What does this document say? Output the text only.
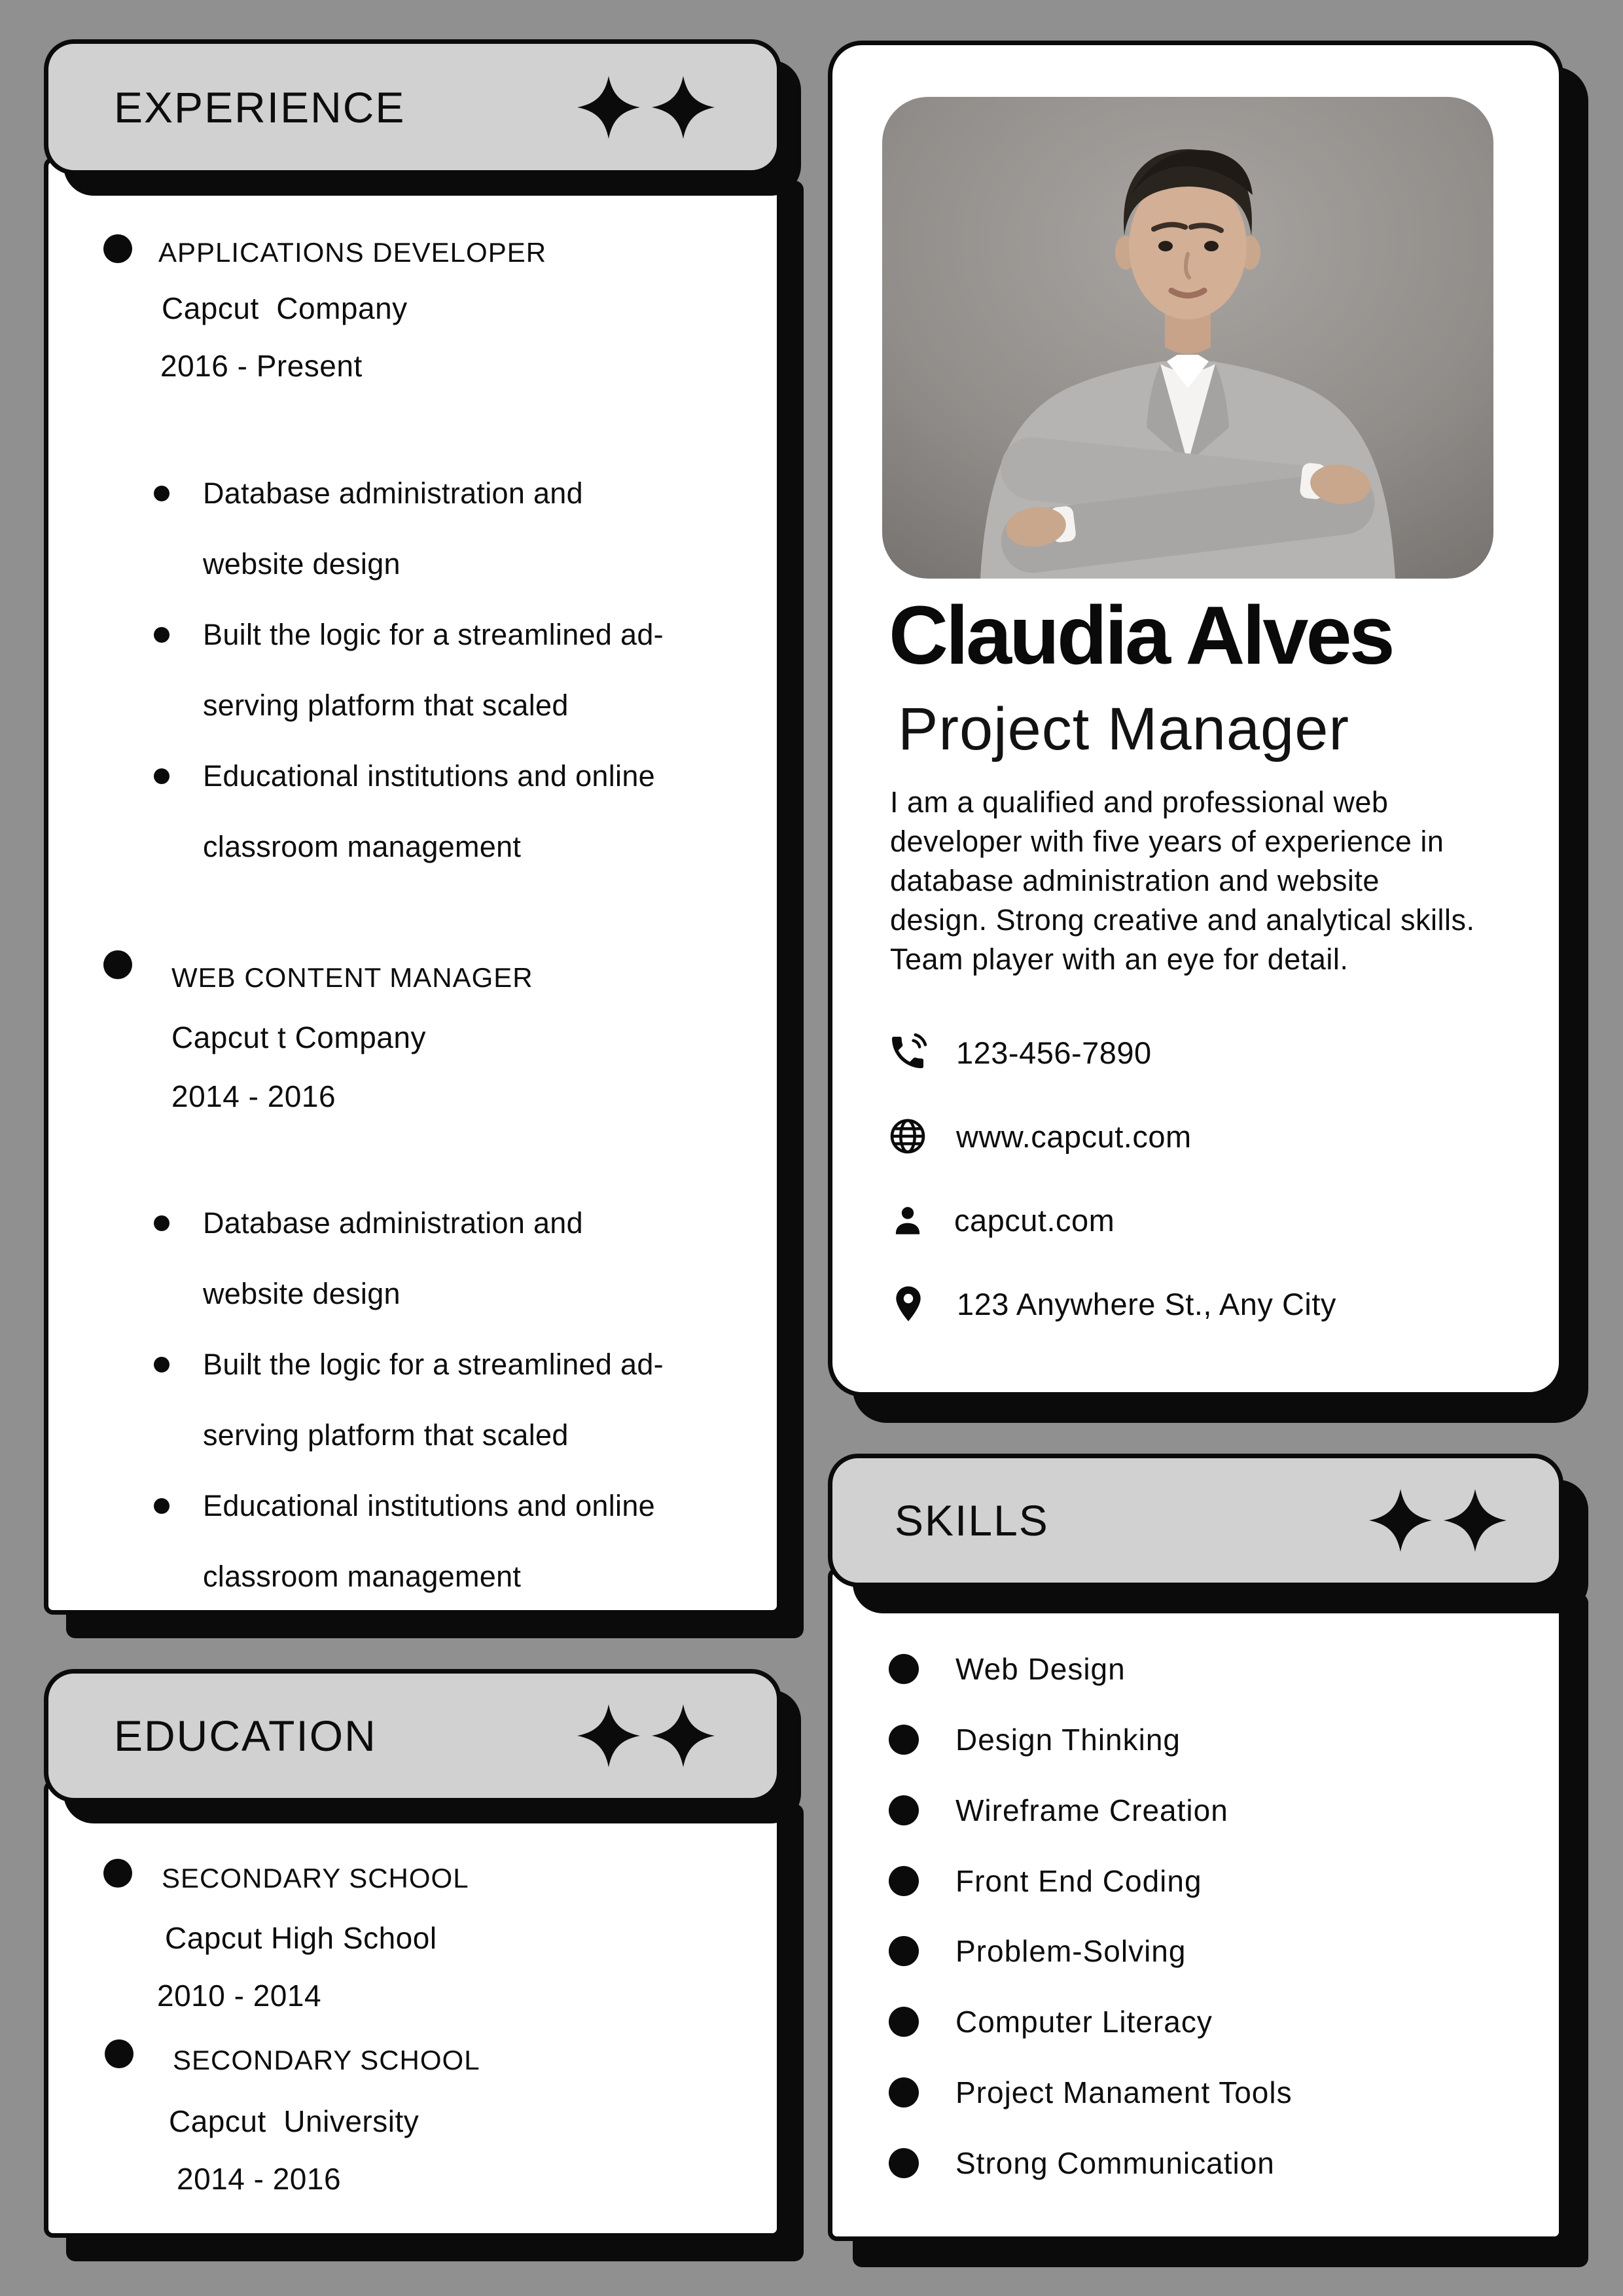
EXPERIENCE
APPLICATIONS DEVELOPER
Capcut  Company
2016 - Present
Database administration and
website design
Built the logic for a streamlined ad-
serving platform that scaled
Educational institutions and online
classroom management
WEB CONTENT MANAGER
Capcut t Company
2014 - 2016
Database administration and
website design
Built the logic for a streamlined ad-
serving platform that scaled
Educational institutions and online
classroom management
EDUCATION
SECONDARY SCHOOL
Capcut High School
2010 - 2014
SECONDARY SCHOOL
Capcut  University
2014 - 2016
Claudia Alves
Project Manager
I am a qualified and professional web
developer with five years of experience in
database administration and website
design. Strong creative and analytical skills.
Team player with an eye for detail.
123-456-7890
www.capcut.com
capcut.com
123 Anywhere St., Any City
SKILLS
Web Design
Design Thinking
Wireframe Creation
Front End Coding
Problem-Solving
Computer Literacy
Project Manament Tools
Strong Communication
